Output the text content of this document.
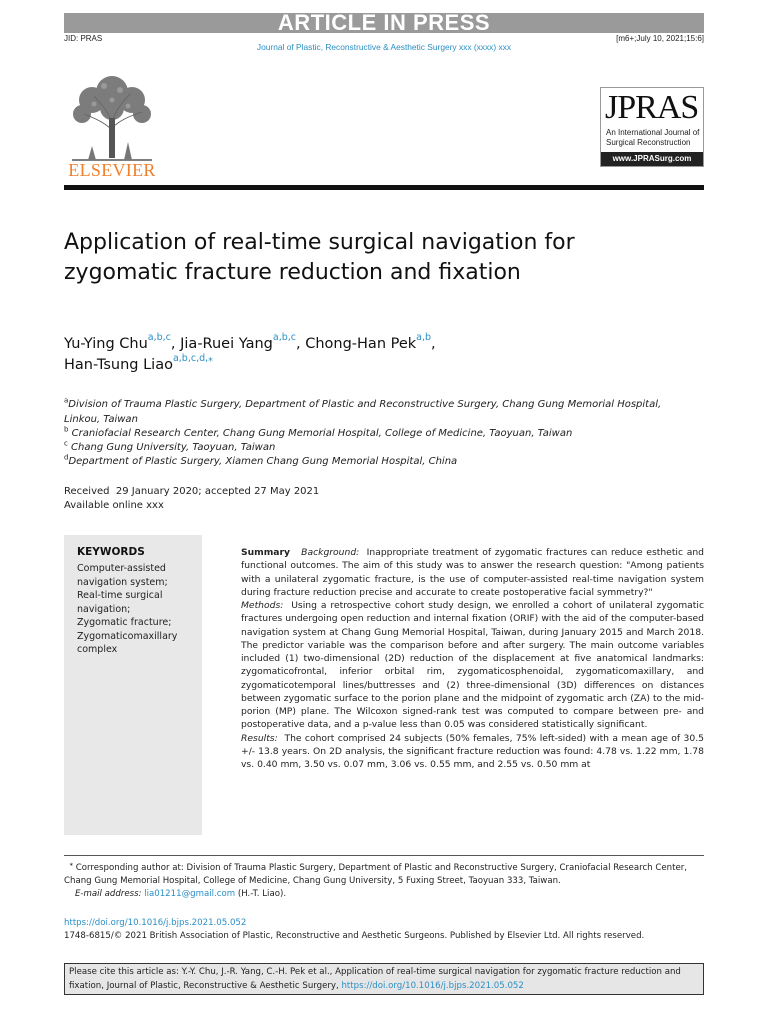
ARTICLE IN PRESS
JID: PRAS	[m6+;July 10, 2021;15:6]
Journal of Plastic, Reconstructive & Aesthetic Surgery xxx (xxxx) xxx
ELSEVIER
JPRAS
An International Journal of
Surgical Reconstruction
www.JPRASurg.com
Application of real-time surgical navigation for zygomatic fracture reduction and fixation
Yu-Ying Chu$^{a,b,c}$, Jia-Ruei Yang$^{a,b,c}$, Chong-Han Pek$^{a,b}$,
Han-Tsung Liao$^{a,b,c,d,⁎}$
$^a$Division of Trauma Plastic Surgery, Department of Plastic and Reconstructive Surgery, Chang Gung Memorial Hospital, Linkou, Taiwan
$^b$ Craniofacial Research Center, Chang Gung Memorial Hospital, College of Medicine, Taoyuan, Taiwan
$^c$ Chang Gung University, Taoyuan, Taiwan
$^d$Department of Plastic Surgery, Xiamen Chang Gung Memorial Hospital, China
Received  29 January 2020; accepted 27 May 2021
Available online xxx
KEYWORDS
Computer-assisted navigation system;
Real-time surgical navigation;
Zygomatic fracture;
Zygomaticomaxillary complex
Summary Background: Inappropriate treatment of zygomatic fractures can reduce esthetic and functional outcomes. The aim of this study was to answer the research question: "Among patients with a unilateral zygomatic fracture, is the use of computer-assisted real-time navigation system during fracture reduction precise and accurate to create postoperative facial symmetry?"
Methods: Using a retrospective cohort study design, we enrolled a cohort of unilateral zygomatic fractures undergoing open reduction and internal fixation (ORIF) with the aid of the computer-based navigation system at Chang Gung Memorial Hospital, Taiwan, during January 2015 and March 2018. The predictor variable was the comparison before and after surgery. The main outcome variables included (1) two-dimensional (2D) reduction of the displacement at five anatomical landmarks: zygomaticofrontal, inferior orbital rim, zygomaticosphenoidal, zygomaticomaxillary, and zygomaticotemporal lines/buttresses and (2) three-dimensional (3D) differences on distances between zygomatic surface to the porion plane and the midpoint of zygomatic arch (ZA) to the mid-porion (MP) plane. The Wilcoxon signed-rank test was computed to compare between pre- and postoperative data, and a p-value less than 0.05 was considered statistically significant.
Results: The cohort comprised 24 subjects (50% females, 75% left-sided) with a mean age of 30.5 +/- 13.8 years. On 2D analysis, the significant fracture reduction was found: 4.78 vs. 1.22 mm, 1.78 vs. 0.40 mm, 3.50 vs. 0.07 mm, 3.06 vs. 0.55 mm, and 2.55 vs. 0.50 mm at
⁎ Corresponding author at: Division of Trauma Plastic Surgery, Department of Plastic and Reconstructive Surgery, Craniofacial Research Center, Chang Gung Memorial Hospital, College of Medicine, Chang Gung University, 5 Fuxing Street, Taoyuan 333, Taiwan.
E-mail address: lia01211@gmail.com (H.-T. Liao).
https://doi.org/10.1016/j.bjps.2021.05.052
1748-6815/© 2021 British Association of Plastic, Reconstructive and Aesthetic Surgeons. Published by Elsevier Ltd. All rights reserved.
Please cite this article as: Y.-Y. Chu, J.-R. Yang, C.-H. Pek et al., Application of real-time surgical navigation for zygomatic fracture reduction and fixation, Journal of Plastic, Reconstructive & Aesthetic Surgery, https://doi.org/10.1016/j.bjps.2021.05.052
